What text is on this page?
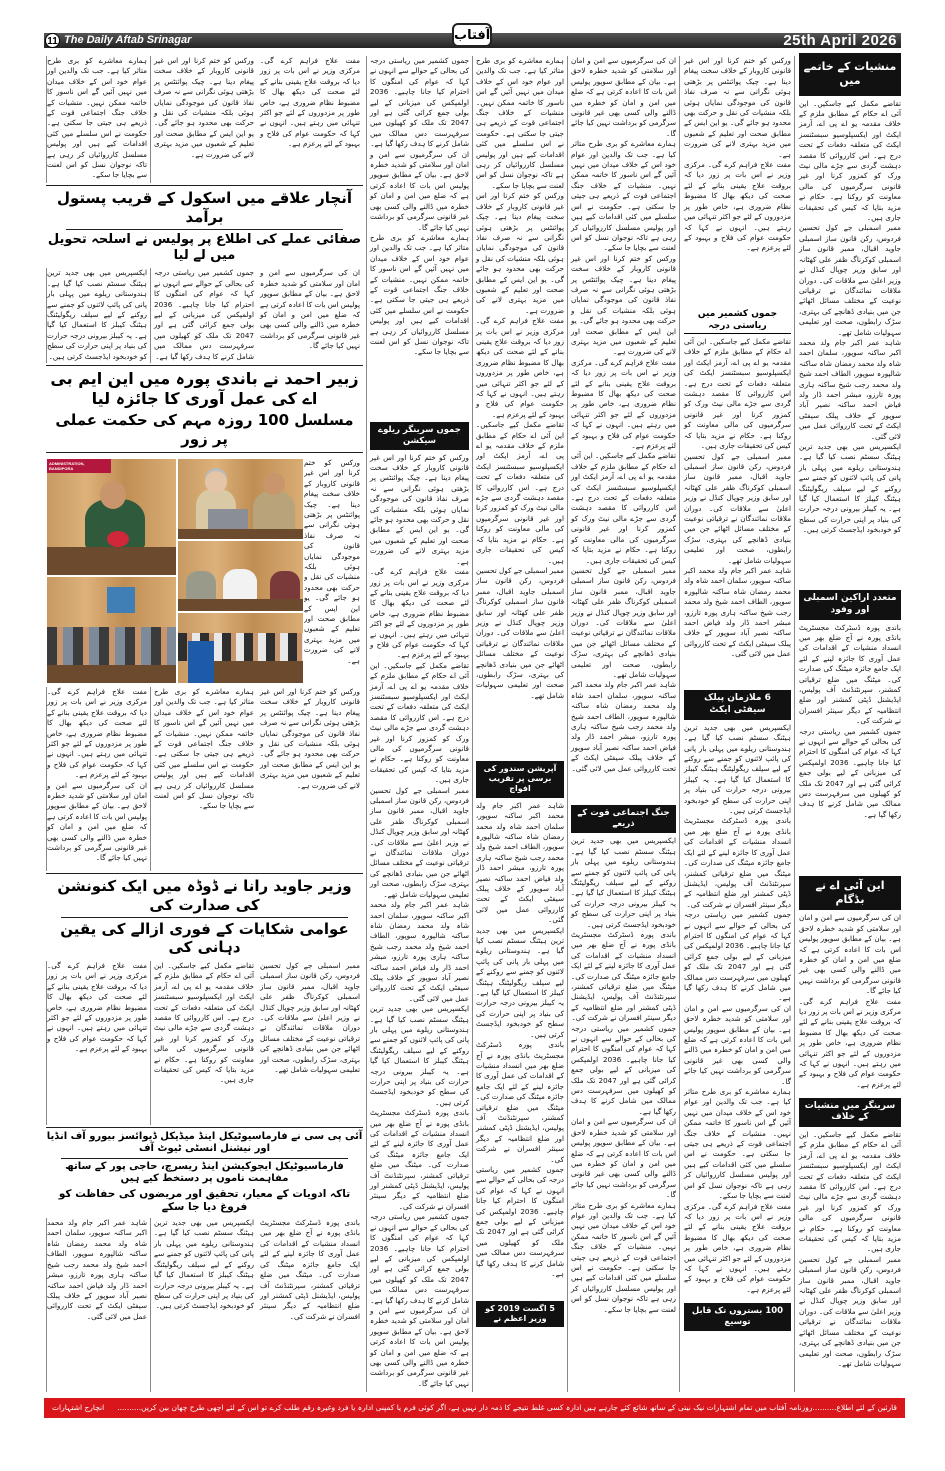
11 The Daily Aftab Srinagar	آفتاب	25th April 2026

ہمارے معاشرے کو بری طرح متاثر کیا ہے۔ جب تک والدین اور عوام خود اس کے خلاف میدان میں نہیں آئیں گے اس ناسور کا خاتمہ ممکن نہیں۔ منشیات کے خلاف جنگ اجتماعی قوت کے ذریعے ہی جیتی جا سکتی ہے۔ حکومت نے اس سلسلے میں کئی اقدامات کیے ہیں اور پولیس مسلسل کارروائیاں کر رہی ہے تاکہ نوجوان نسل کو اس لعنت سے بچایا جا سکے۔

ورکس کو ختم کرنا اور اس غیر قانونی کاروبار کے خلاف سخت پیغام دینا ہے۔ چیک پوائنٹس پر بڑھتی ہوئی نگرانی سے نہ صرف نفاذ قانون کی موجودگی نمایاں ہوئی بلکہ منشیات کی نقل و حرکت بھی محدود ہو جائے گی۔ یو این ایس کے مطابق صحت اور تعلیم کے شعبوں میں مزید بہتری لانے کی ضرورت ہے۔

مفت علاج فراہم کرے گی۔ مرکزی وزیر نے اس بات پر زور دیا کہ بروقت علاج یقینی بنانے کے لئے صحت کی دیکھ بھال کا مضبوط نظام ضروری ہے، خاص طور پر مزدوروں کے لئے جو اکثر تنہائی میں رہتے ہیں۔ انہوں نے کہا کہ حکومت عوام کی فلاح و بہبود کے لئے پرعزم ہے۔

آنچار علاقے میں اسکول کے قریب پستول برآمد
صفائی عملے کی اطلاع پر پولیس نے اسلحہ تحویل میں لے لیا

ایکسپریس میں بھی جدید ترین ہیٹنگ سسٹم نصب کیا گیا ہے۔ ہندوستانی ریلوے میں پہلی بار پانی کی پائپ لائنوں کو جمنے سے روکنے کے لیے سیلف ریگولیٹنگ ہیٹنگ کیبلز کا استعمال کیا گیا ہے۔ یہ کیبلز بیرونی درجہ حرارت کی بنیاد پر اپنی حرارت کی سطح کو خودبخود ایڈجسٹ کرتی ہیں۔

جموں کشمیر میں ریاستی درجہ کی بحالی کے حوالے سے انہوں نے کہا کہ عوام کی امنگوں کا احترام کیا جانا چاہیے۔ 2036 اولمپکس کی میزبانی کے لیے بولی جمع کرائی گئی ہے اور 2047 تک ملک کو کھیلوں میں سرفہرست دس ممالک میں شامل کرنے کا ہدف رکھا گیا ہے۔

ان کی سرگرمیوں سے امن و امان اور سلامتی کو شدید خطرہ لاحق ہے۔ بیان کے مطابق سوپور پولیس اس بات کا اعادہ کرتی ہے کہ ضلع میں امن و امان کو خطرہ میں ڈالنے والی کسی بھی غیر قانونی سرگرمی کو برداشت نہیں کیا جائے گا۔

زبیر احمد نے باندی پورہ میں این ایم بی اے کی عمل آوری کا جائزہ لیا
مسلسل 100 روزہ مہم کی حکمت عملی پر زور
ADMINISTRATION, BANDIPORA

ورکس کو ختم کرنا اور اس غیر قانونی کاروبار کے خلاف سخت پیغام دینا ہے۔ چیک پوائنٹس پر بڑھتی ہوئی نگرانی سے نہ صرف نفاذ قانون کی موجودگی نمایاں ہوئی بلکہ منشیات کی نقل و حرکت بھی محدود ہو جائے گی۔ یو این ایس کے مطابق صحت اور تعلیم کے شعبوں میں مزید بہتری لانے کی ضرورت ہے۔

مفت علاج فراہم کرے گی۔ مرکزی وزیر نے اس بات پر زور دیا کہ بروقت علاج یقینی بنانے کے لئے صحت کی دیکھ بھال کا مضبوط نظام ضروری ہے، خاص طور پر مزدوروں کے لئے جو اکثر تنہائی میں رہتے ہیں۔ انہوں نے کہا کہ حکومت عوام کی فلاح و بہبود کے لئے پرعزم ہے۔

ان کی سرگرمیوں سے امن و امان اور سلامتی کو شدید خطرہ لاحق ہے۔ بیان کے مطابق سوپور پولیس اس بات کا اعادہ کرتی ہے کہ ضلع میں امن و امان کو خطرہ میں ڈالنے والی کسی بھی غیر قانونی سرگرمی کو برداشت نہیں کیا جائے گا۔

ہمارے معاشرے کو بری طرح متاثر کیا ہے۔ جب تک والدین اور عوام خود اس کے خلاف میدان میں نہیں آئیں گے اس ناسور کا خاتمہ ممکن نہیں۔ منشیات کے خلاف جنگ اجتماعی قوت کے ذریعے ہی جیتی جا سکتی ہے۔ حکومت نے اس سلسلے میں کئی اقدامات کیے ہیں اور پولیس مسلسل کارروائیاں کر رہی ہے تاکہ نوجوان نسل کو اس لعنت سے بچایا جا سکے۔

ورکس کو ختم کرنا اور اس غیر قانونی کاروبار کے خلاف سخت پیغام دینا ہے۔ چیک پوائنٹس پر بڑھتی ہوئی نگرانی سے نہ صرف نفاذ قانون کی موجودگی نمایاں ہوئی بلکہ منشیات کی نقل و حرکت بھی محدود ہو جائے گی۔ یو این ایس کے مطابق صحت اور تعلیم کے شعبوں میں مزید بہتری لانے کی ضرورت ہے۔

وزیر جاوید رانا نے ڈوڈہ میں ایک کنونشن کی صدارت کی
عوامی شکایات کے فوری ازالے کی یقین دہانی کی

مفت علاج فراہم کرے گی۔ مرکزی وزیر نے اس بات پر زور دیا کہ بروقت علاج یقینی بنانے کے لئے صحت کی دیکھ بھال کا مضبوط نظام ضروری ہے، خاص طور پر مزدوروں کے لئے جو اکثر تنہائی میں رہتے ہیں۔ انہوں نے کہا کہ حکومت عوام کی فلاح و بہبود کے لئے پرعزم ہے۔

تقاضے مکمل کیے جاسکیں۔ این آئی اے حکام کے مطابق ملزم کے خلاف مقدمہ یو اے پی اے، آرمز ایکٹ اور ایکسپلوسیو سبسٹنسز ایکٹ کی متعلقہ دفعات کے تحت درج ہے۔ اس کارروائی کا مقصد دہشت گردی سے جڑے مالی نیٹ ورک کو کمزور کرنا اور غیر قانونی سرگرمیوں کی مالی معاونت کو روکنا ہے۔ حکام نے مزید بتایا کہ کیس کی تحقیقات جاری ہیں۔

ممبر اسمبلی جے کول تحسین فردوس، رکن قانون ساز اسمبلی جاوید اقبال، ممبر قانون ساز اسمبلی کوکرناگ ظفر علی کھٹانہ اور سابق وزیر چوپال کنڈل نے وزیر اعلیٰ سے ملاقات کی۔ دوران ملاقات نمائندگان نے ترقیاتی نوعیت کے مختلف مسائل اٹھائے جن میں بنیادی ڈھانچے کی بہتری، سڑک رابطوں، صحت اور تعلیمی سہولیات شامل تھے۔

آئی پی سی نے فارماسیوٹیکل اینڈ میڈیکل ڈیوائسز بیورو آف انڈیا اور نیشنل انسٹی ٹیوٹ آف
فارماسیوٹیکل ایجوکیشن اینڈ ریسرچ، حاجی پور کے ساتھ مفاہمت ناموں پر دستخط کیے ہیں
تاکہ ادویات کے معیار، تحقیق اور مریضوں کی حفاظت کو فروغ دیا جا سکے

شاہد عمر اکبر جام ولد محمد اکبر ساکنہ سوپور، سلمان احمد شاہ ولد محمد رمضان شاہ ساکنہ شالپورہ سوپور، الطاف احمد شیخ ولد محمد رجب شیخ ساکنہ ہاری پورہ تارزو، مبشر احمد ڈار ولد فیاض احمد ساکنہ نصیر آباد سوپور کے خلاف پبلک سیفٹی ایکٹ کے تحت کارروائی عمل میں لائی گئی۔

ایکسپریس میں بھی جدید ترین ہیٹنگ سسٹم نصب کیا گیا ہے۔ ہندوستانی ریلوے میں پہلی بار پانی کی پائپ لائنوں کو جمنے سے روکنے کے لیے سیلف ریگولیٹنگ ہیٹنگ کیبلز کا استعمال کیا گیا ہے۔ یہ کیبلز بیرونی درجہ حرارت کی بنیاد پر اپنی حرارت کی سطح کو خودبخود ایڈجسٹ کرتی ہیں۔

باندی پورہ ڈسٹرکٹ مجسٹریٹ بانڈی پورہ نے آج ضلع بھر میں انسداد منشیات کے اقدامات کی عمل آوری کا جائزہ لینے کے لئے ایک جامع جائزہ میٹنگ کی صدارت کی۔ میٹنگ میں ضلع ترقیاتی کمشنر، سپرنٹنڈنٹ آف پولیس، ایڈیشنل ڈپٹی کمشنر اور ضلع انتظامیہ کے دیگر سینئر افسران نے شرکت کی۔

جموں کشمیر میں ریاستی درجہ کی بحالی کے حوالے سے انہوں نے کہا کہ عوام کی امنگوں کا احترام کیا جانا چاہیے۔ 2036 اولمپکس کی میزبانی کے لیے بولی جمع کرائی گئی ہے اور 2047 تک ملک کو کھیلوں میں سرفہرست دس ممالک میں شامل کرنے کا ہدف رکھا گیا ہے۔

ان کی سرگرمیوں سے امن و امان اور سلامتی کو شدید خطرہ لاحق ہے۔ بیان کے مطابق سوپور پولیس اس بات کا اعادہ کرتی ہے کہ ضلع میں امن و امان کو خطرہ میں ڈالنے والی کسی بھی غیر قانونی سرگرمی کو برداشت نہیں کیا جائے گا۔

ہمارے معاشرے کو بری طرح متاثر کیا ہے۔ جب تک والدین اور عوام خود اس کے خلاف میدان میں نہیں آئیں گے اس ناسور کا خاتمہ ممکن نہیں۔ منشیات کے خلاف جنگ اجتماعی قوت کے ذریعے ہی جیتی جا سکتی ہے۔ حکومت نے اس سلسلے میں کئی اقدامات کیے ہیں اور پولیس مسلسل کارروائیاں کر رہی ہے تاکہ نوجوان نسل کو اس لعنت سے بچایا جا سکے۔

جموں سرینگر ریلوے سیکشن

ورکس کو ختم کرنا اور اس غیر قانونی کاروبار کے خلاف سخت پیغام دینا ہے۔ چیک پوائنٹس پر بڑھتی ہوئی نگرانی سے نہ صرف نفاذ قانون کی موجودگی نمایاں ہوئی بلکہ منشیات کی نقل و حرکت بھی محدود ہو جائے گی۔ یو این ایس کے مطابق صحت اور تعلیم کے شعبوں میں مزید بہتری لانے کی ضرورت ہے۔

مفت علاج فراہم کرے گی۔ مرکزی وزیر نے اس بات پر زور دیا کہ بروقت علاج یقینی بنانے کے لئے صحت کی دیکھ بھال کا مضبوط نظام ضروری ہے، خاص طور پر مزدوروں کے لئے جو اکثر تنہائی میں رہتے ہیں۔ انہوں نے کہا کہ حکومت عوام کی فلاح و بہبود کے لئے پرعزم ہے۔

تقاضے مکمل کیے جاسکیں۔ این آئی اے حکام کے مطابق ملزم کے خلاف مقدمہ یو اے پی اے، آرمز ایکٹ اور ایکسپلوسیو سبسٹنسز ایکٹ کی متعلقہ دفعات کے تحت درج ہے۔ اس کارروائی کا مقصد دہشت گردی سے جڑے مالی نیٹ ورک کو کمزور کرنا اور غیر قانونی سرگرمیوں کی مالی معاونت کو روکنا ہے۔ حکام نے مزید بتایا کہ کیس کی تحقیقات جاری ہیں۔

ممبر اسمبلی جے کول تحسین فردوس، رکن قانون ساز اسمبلی جاوید اقبال، ممبر قانون ساز اسمبلی کوکرناگ ظفر علی کھٹانہ اور سابق وزیر چوپال کنڈل نے وزیر اعلیٰ سے ملاقات کی۔ دوران ملاقات نمائندگان نے ترقیاتی نوعیت کے مختلف مسائل اٹھائے جن میں بنیادی ڈھانچے کی بہتری، سڑک رابطوں، صحت اور تعلیمی سہولیات شامل تھے۔

شاہد عمر اکبر جام ولد محمد اکبر ساکنہ سوپور، سلمان احمد شاہ ولد محمد رمضان شاہ ساکنہ شالپورہ سوپور، الطاف احمد شیخ ولد محمد رجب شیخ ساکنہ ہاری پورہ تارزو، مبشر احمد ڈار ولد فیاض احمد ساکنہ نصیر آباد سوپور کے خلاف پبلک سیفٹی ایکٹ کے تحت کارروائی عمل میں لائی گئی۔

ایکسپریس میں بھی جدید ترین ہیٹنگ سسٹم نصب کیا گیا ہے۔ ہندوستانی ریلوے میں پہلی بار پانی کی پائپ لائنوں کو جمنے سے روکنے کے لیے سیلف ریگولیٹنگ ہیٹنگ کیبلز کا استعمال کیا گیا ہے۔ یہ کیبلز بیرونی درجہ حرارت کی بنیاد پر اپنی حرارت کی سطح کو خودبخود ایڈجسٹ کرتی ہیں۔

باندی پورہ ڈسٹرکٹ مجسٹریٹ بانڈی پورہ نے آج ضلع بھر میں انسداد منشیات کے اقدامات کی عمل آوری کا جائزہ لینے کے لئے ایک جامع جائزہ میٹنگ کی صدارت کی۔ میٹنگ میں ضلع ترقیاتی کمشنر، سپرنٹنڈنٹ آف پولیس، ایڈیشنل ڈپٹی کمشنر اور ضلع انتظامیہ کے دیگر سینئر افسران نے شرکت کی۔

جموں کشمیر میں ریاستی درجہ کی بحالی کے حوالے سے انہوں نے کہا کہ عوام کی امنگوں کا احترام کیا جانا چاہیے۔ 2036 اولمپکس کی میزبانی کے لیے بولی جمع کرائی گئی ہے اور 2047 تک ملک کو کھیلوں میں سرفہرست دس ممالک میں شامل کرنے کا ہدف رکھا گیا ہے۔

ان کی سرگرمیوں سے امن و امان اور سلامتی کو شدید خطرہ لاحق ہے۔ بیان کے مطابق سوپور پولیس اس بات کا اعادہ کرتی ہے کہ ضلع میں امن و امان کو خطرہ میں ڈالنے والی کسی بھی غیر قانونی سرگرمی کو برداشت نہیں کیا جائے گا۔

ہمارے معاشرے کو بری طرح متاثر کیا ہے۔ جب تک والدین اور عوام خود اس کے خلاف میدان میں نہیں آئیں گے اس ناسور کا خاتمہ ممکن نہیں۔ منشیات کے خلاف جنگ اجتماعی قوت کے ذریعے ہی جیتی جا سکتی ہے۔ حکومت نے اس سلسلے میں کئی اقدامات کیے ہیں اور پولیس مسلسل کارروائیاں کر رہی ہے تاکہ نوجوان نسل کو اس لعنت سے بچایا جا سکے۔

ورکس کو ختم کرنا اور اس غیر قانونی کاروبار کے خلاف سخت پیغام دینا ہے۔ چیک پوائنٹس پر بڑھتی ہوئی نگرانی سے نہ صرف نفاذ قانون کی موجودگی نمایاں ہوئی بلکہ منشیات کی نقل و حرکت بھی محدود ہو جائے گی۔ یو این ایس کے مطابق صحت اور تعلیم کے شعبوں میں مزید بہتری لانے کی ضرورت ہے۔

مفت علاج فراہم کرے گی۔ مرکزی وزیر نے اس بات پر زور دیا کہ بروقت علاج یقینی بنانے کے لئے صحت کی دیکھ بھال کا مضبوط نظام ضروری ہے، خاص طور پر مزدوروں کے لئے جو اکثر تنہائی میں رہتے ہیں۔ انہوں نے کہا کہ حکومت عوام کی فلاح و بہبود کے لئے پرعزم ہے۔

تقاضے مکمل کیے جاسکیں۔ این آئی اے حکام کے مطابق ملزم کے خلاف مقدمہ یو اے پی اے، آرمز ایکٹ اور ایکسپلوسیو سبسٹنسز ایکٹ کی متعلقہ دفعات کے تحت درج ہے۔ اس کارروائی کا مقصد دہشت گردی سے جڑے مالی نیٹ ورک کو کمزور کرنا اور غیر قانونی سرگرمیوں کی مالی معاونت کو روکنا ہے۔ حکام نے مزید بتایا کہ کیس کی تحقیقات جاری ہیں۔

ممبر اسمبلی جے کول تحسین فردوس، رکن قانون ساز اسمبلی جاوید اقبال، ممبر قانون ساز اسمبلی کوکرناگ ظفر علی کھٹانہ اور سابق وزیر چوپال کنڈل نے وزیر اعلیٰ سے ملاقات کی۔ دوران ملاقات نمائندگان نے ترقیاتی نوعیت کے مختلف مسائل اٹھائے جن میں بنیادی ڈھانچے کی بہتری، سڑک رابطوں، صحت اور تعلیمی سہولیات شامل تھے۔

آپریشن سندور کی برسی پر تقریب افواج

شاہد عمر اکبر جام ولد محمد اکبر ساکنہ سوپور، سلمان احمد شاہ ولد محمد رمضان شاہ ساکنہ شالپورہ سوپور، الطاف احمد شیخ ولد محمد رجب شیخ ساکنہ ہاری پورہ تارزو، مبشر احمد ڈار ولد فیاض احمد ساکنہ نصیر آباد سوپور کے خلاف پبلک سیفٹی ایکٹ کے تحت کارروائی عمل میں لائی گئی۔

ایکسپریس میں بھی جدید ترین ہیٹنگ سسٹم نصب کیا گیا ہے۔ ہندوستانی ریلوے میں پہلی بار پانی کی پائپ لائنوں کو جمنے سے روکنے کے لیے سیلف ریگولیٹنگ ہیٹنگ کیبلز کا استعمال کیا گیا ہے۔ یہ کیبلز بیرونی درجہ حرارت کی بنیاد پر اپنی حرارت کی سطح کو خودبخود ایڈجسٹ کرتی ہیں۔

باندی پورہ ڈسٹرکٹ مجسٹریٹ بانڈی پورہ نے آج ضلع بھر میں انسداد منشیات کے اقدامات کی عمل آوری کا جائزہ لینے کے لئے ایک جامع جائزہ میٹنگ کی صدارت کی۔ میٹنگ میں ضلع ترقیاتی کمشنر، سپرنٹنڈنٹ آف پولیس، ایڈیشنل ڈپٹی کمشنر اور ضلع انتظامیہ کے دیگر سینئر افسران نے شرکت کی۔

جموں کشمیر میں ریاستی درجہ کی بحالی کے حوالے سے انہوں نے کہا کہ عوام کی امنگوں کا احترام کیا جانا چاہیے۔ 2036 اولمپکس کی میزبانی کے لیے بولی جمع کرائی گئی ہے اور 2047 تک ملک کو کھیلوں میں سرفہرست دس ممالک میں شامل کرنے کا ہدف رکھا گیا ہے۔

5 اگست 2019 کو وزیر اعظم نے

ان کی سرگرمیوں سے امن و امان اور سلامتی کو شدید خطرہ لاحق ہے۔ بیان کے مطابق سوپور پولیس اس بات کا اعادہ کرتی ہے کہ ضلع میں امن و امان کو خطرہ میں ڈالنے والی کسی بھی غیر قانونی سرگرمی کو برداشت نہیں کیا جائے گا۔

ہمارے معاشرے کو بری طرح متاثر کیا ہے۔ جب تک والدین اور عوام خود اس کے خلاف میدان میں نہیں آئیں گے اس ناسور کا خاتمہ ممکن نہیں۔ منشیات کے خلاف جنگ اجتماعی قوت کے ذریعے ہی جیتی جا سکتی ہے۔ حکومت نے اس سلسلے میں کئی اقدامات کیے ہیں اور پولیس مسلسل کارروائیاں کر رہی ہے تاکہ نوجوان نسل کو اس لعنت سے بچایا جا سکے۔

ورکس کو ختم کرنا اور اس غیر قانونی کاروبار کے خلاف سخت پیغام دینا ہے۔ چیک پوائنٹس پر بڑھتی ہوئی نگرانی سے نہ صرف نفاذ قانون کی موجودگی نمایاں ہوئی بلکہ منشیات کی نقل و حرکت بھی محدود ہو جائے گی۔ یو این ایس کے مطابق صحت اور تعلیم کے شعبوں میں مزید بہتری لانے کی ضرورت ہے۔

مفت علاج فراہم کرے گی۔ مرکزی وزیر نے اس بات پر زور دیا کہ بروقت علاج یقینی بنانے کے لئے صحت کی دیکھ بھال کا مضبوط نظام ضروری ہے، خاص طور پر مزدوروں کے لئے جو اکثر تنہائی میں رہتے ہیں۔ انہوں نے کہا کہ حکومت عوام کی فلاح و بہبود کے لئے پرعزم ہے۔

تقاضے مکمل کیے جاسکیں۔ این آئی اے حکام کے مطابق ملزم کے خلاف مقدمہ یو اے پی اے، آرمز ایکٹ اور ایکسپلوسیو سبسٹنسز ایکٹ کی متعلقہ دفعات کے تحت درج ہے۔ اس کارروائی کا مقصد دہشت گردی سے جڑے مالی نیٹ ورک کو کمزور کرنا اور غیر قانونی سرگرمیوں کی مالی معاونت کو روکنا ہے۔ حکام نے مزید بتایا کہ کیس کی تحقیقات جاری ہیں۔

ممبر اسمبلی جے کول تحسین فردوس، رکن قانون ساز اسمبلی جاوید اقبال، ممبر قانون ساز اسمبلی کوکرناگ ظفر علی کھٹانہ اور سابق وزیر چوپال کنڈل نے وزیر اعلیٰ سے ملاقات کی۔ دوران ملاقات نمائندگان نے ترقیاتی نوعیت کے مختلف مسائل اٹھائے جن میں بنیادی ڈھانچے کی بہتری، سڑک رابطوں، صحت اور تعلیمی سہولیات شامل تھے۔

شاہد عمر اکبر جام ولد محمد اکبر ساکنہ سوپور، سلمان احمد شاہ ولد محمد رمضان شاہ ساکنہ شالپورہ سوپور، الطاف احمد شیخ ولد محمد رجب شیخ ساکنہ ہاری پورہ تارزو، مبشر احمد ڈار ولد فیاض احمد ساکنہ نصیر آباد سوپور کے خلاف پبلک سیفٹی ایکٹ کے تحت کارروائی عمل میں لائی گئی۔

جنگ اجتماعی قوت کے ذریعے

ایکسپریس میں بھی جدید ترین ہیٹنگ سسٹم نصب کیا گیا ہے۔ ہندوستانی ریلوے میں پہلی بار پانی کی پائپ لائنوں کو جمنے سے روکنے کے لیے سیلف ریگولیٹنگ ہیٹنگ کیبلز کا استعمال کیا گیا ہے۔ یہ کیبلز بیرونی درجہ حرارت کی بنیاد پر اپنی حرارت کی سطح کو خودبخود ایڈجسٹ کرتی ہیں۔

باندی پورہ ڈسٹرکٹ مجسٹریٹ بانڈی پورہ نے آج ضلع بھر میں انسداد منشیات کے اقدامات کی عمل آوری کا جائزہ لینے کے لئے ایک جامع جائزہ میٹنگ کی صدارت کی۔ میٹنگ میں ضلع ترقیاتی کمشنر، سپرنٹنڈنٹ آف پولیس، ایڈیشنل ڈپٹی کمشنر اور ضلع انتظامیہ کے دیگر سینئر افسران نے شرکت کی۔

جموں کشمیر میں ریاستی درجہ کی بحالی کے حوالے سے انہوں نے کہا کہ عوام کی امنگوں کا احترام کیا جانا چاہیے۔ 2036 اولمپکس کی میزبانی کے لیے بولی جمع کرائی گئی ہے اور 2047 تک ملک کو کھیلوں میں سرفہرست دس ممالک میں شامل کرنے کا ہدف رکھا گیا ہے۔

ان کی سرگرمیوں سے امن و امان اور سلامتی کو شدید خطرہ لاحق ہے۔ بیان کے مطابق سوپور پولیس اس بات کا اعادہ کرتی ہے کہ ضلع میں امن و امان کو خطرہ میں ڈالنے والی کسی بھی غیر قانونی سرگرمی کو برداشت نہیں کیا جائے گا۔

ہمارے معاشرے کو بری طرح متاثر کیا ہے۔ جب تک والدین اور عوام خود اس کے خلاف میدان میں نہیں آئیں گے اس ناسور کا خاتمہ ممکن نہیں۔ منشیات کے خلاف جنگ اجتماعی قوت کے ذریعے ہی جیتی جا سکتی ہے۔ حکومت نے اس سلسلے میں کئی اقدامات کیے ہیں اور پولیس مسلسل کارروائیاں کر رہی ہے تاکہ نوجوان نسل کو اس لعنت سے بچایا جا سکے۔

ورکس کو ختم کرنا اور اس غیر قانونی کاروبار کے خلاف سخت پیغام دینا ہے۔ چیک پوائنٹس پر بڑھتی ہوئی نگرانی سے نہ صرف نفاذ قانون کی موجودگی نمایاں ہوئی بلکہ منشیات کی نقل و حرکت بھی محدود ہو جائے گی۔ یو این ایس کے مطابق صحت اور تعلیم کے شعبوں میں مزید بہتری لانے کی ضرورت ہے۔

مفت علاج فراہم کرے گی۔ مرکزی وزیر نے اس بات پر زور دیا کہ بروقت علاج یقینی بنانے کے لئے صحت کی دیکھ بھال کا مضبوط نظام ضروری ہے، خاص طور پر مزدوروں کے لئے جو اکثر تنہائی میں رہتے ہیں۔ انہوں نے کہا کہ حکومت عوام کی فلاح و بہبود کے لئے پرعزم ہے۔

جموں کشمیر میں ریاستی درجہ

تقاضے مکمل کیے جاسکیں۔ این آئی اے حکام کے مطابق ملزم کے خلاف مقدمہ یو اے پی اے، آرمز ایکٹ اور ایکسپلوسیو سبسٹنسز ایکٹ کی متعلقہ دفعات کے تحت درج ہے۔ اس کارروائی کا مقصد دہشت گردی سے جڑے مالی نیٹ ورک کو کمزور کرنا اور غیر قانونی سرگرمیوں کی مالی معاونت کو روکنا ہے۔ حکام نے مزید بتایا کہ کیس کی تحقیقات جاری ہیں۔

ممبر اسمبلی جے کول تحسین فردوس، رکن قانون ساز اسمبلی جاوید اقبال، ممبر قانون ساز اسمبلی کوکرناگ ظفر علی کھٹانہ اور سابق وزیر چوپال کنڈل نے وزیر اعلیٰ سے ملاقات کی۔ دوران ملاقات نمائندگان نے ترقیاتی نوعیت کے مختلف مسائل اٹھائے جن میں بنیادی ڈھانچے کی بہتری، سڑک رابطوں، صحت اور تعلیمی سہولیات شامل تھے۔

شاہد عمر اکبر جام ولد محمد اکبر ساکنہ سوپور، سلمان احمد شاہ ولد محمد رمضان شاہ ساکنہ شالپورہ سوپور، الطاف احمد شیخ ولد محمد رجب شیخ ساکنہ ہاری پورہ تارزو، مبشر احمد ڈار ولد فیاض احمد ساکنہ نصیر آباد سوپور کے خلاف پبلک سیفٹی ایکٹ کے تحت کارروائی عمل میں لائی گئی۔

6 ملازمان پبلک سیفٹی ایکٹ

ایکسپریس میں بھی جدید ترین ہیٹنگ سسٹم نصب کیا گیا ہے۔ ہندوستانی ریلوے میں پہلی بار پانی کی پائپ لائنوں کو جمنے سے روکنے کے لیے سیلف ریگولیٹنگ ہیٹنگ کیبلز کا استعمال کیا گیا ہے۔ یہ کیبلز بیرونی درجہ حرارت کی بنیاد پر اپنی حرارت کی سطح کو خودبخود ایڈجسٹ کرتی ہیں۔

باندی پورہ ڈسٹرکٹ مجسٹریٹ بانڈی پورہ نے آج ضلع بھر میں انسداد منشیات کے اقدامات کی عمل آوری کا جائزہ لینے کے لئے ایک جامع جائزہ میٹنگ کی صدارت کی۔ میٹنگ میں ضلع ترقیاتی کمشنر، سپرنٹنڈنٹ آف پولیس، ایڈیشنل ڈپٹی کمشنر اور ضلع انتظامیہ کے دیگر سینئر افسران نے شرکت کی۔

جموں کشمیر میں ریاستی درجہ کی بحالی کے حوالے سے انہوں نے کہا کہ عوام کی امنگوں کا احترام کیا جانا چاہیے۔ 2036 اولمپکس کی میزبانی کے لیے بولی جمع کرائی گئی ہے اور 2047 تک ملک کو کھیلوں میں سرفہرست دس ممالک میں شامل کرنے کا ہدف رکھا گیا ہے۔

ان کی سرگرمیوں سے امن و امان اور سلامتی کو شدید خطرہ لاحق ہے۔ بیان کے مطابق سوپور پولیس اس بات کا اعادہ کرتی ہے کہ ضلع میں امن و امان کو خطرہ میں ڈالنے والی کسی بھی غیر قانونی سرگرمی کو برداشت نہیں کیا جائے گا۔

ہمارے معاشرے کو بری طرح متاثر کیا ہے۔ جب تک والدین اور عوام خود اس کے خلاف میدان میں نہیں آئیں گے اس ناسور کا خاتمہ ممکن نہیں۔ منشیات کے خلاف جنگ اجتماعی قوت کے ذریعے ہی جیتی جا سکتی ہے۔ حکومت نے اس سلسلے میں کئی اقدامات کیے ہیں اور پولیس مسلسل کارروائیاں کر رہی ہے تاکہ نوجوان نسل کو اس لعنت سے بچایا جا سکے۔

مفت علاج فراہم کرے گی۔ مرکزی وزیر نے اس بات پر زور دیا کہ بروقت علاج یقینی بنانے کے لئے صحت کی دیکھ بھال کا مضبوط نظام ضروری ہے، خاص طور پر مزدوروں کے لئے جو اکثر تنہائی میں رہتے ہیں۔ انہوں نے کہا کہ حکومت عوام کی فلاح و بہبود کے لئے پرعزم ہے۔

100 بستروں تک قابل توسیع
منشیات کے خاتمے میں

تقاضے مکمل کیے جاسکیں۔ این آئی اے حکام کے مطابق ملزم کے خلاف مقدمہ یو اے پی اے، آرمز ایکٹ اور ایکسپلوسیو سبسٹنسز ایکٹ کی متعلقہ دفعات کے تحت درج ہے۔ اس کارروائی کا مقصد دہشت گردی سے جڑے مالی نیٹ ورک کو کمزور کرنا اور غیر قانونی سرگرمیوں کی مالی معاونت کو روکنا ہے۔ حکام نے مزید بتایا کہ کیس کی تحقیقات جاری ہیں۔

ممبر اسمبلی جے کول تحسین فردوس، رکن قانون ساز اسمبلی جاوید اقبال، ممبر قانون ساز اسمبلی کوکرناگ ظفر علی کھٹانہ اور سابق وزیر چوپال کنڈل نے وزیر اعلیٰ سے ملاقات کی۔ دوران ملاقات نمائندگان نے ترقیاتی نوعیت کے مختلف مسائل اٹھائے جن میں بنیادی ڈھانچے کی بہتری، سڑک رابطوں، صحت اور تعلیمی سہولیات شامل تھے۔

شاہد عمر اکبر جام ولد محمد اکبر ساکنہ سوپور، سلمان احمد شاہ ولد محمد رمضان شاہ ساکنہ شالپورہ سوپور، الطاف احمد شیخ ولد محمد رجب شیخ ساکنہ ہاری پورہ تارزو، مبشر احمد ڈار ولد فیاض احمد ساکنہ نصیر آباد سوپور کے خلاف پبلک سیفٹی ایکٹ کے تحت کارروائی عمل میں لائی گئی۔

ایکسپریس میں بھی جدید ترین ہیٹنگ سسٹم نصب کیا گیا ہے۔ ہندوستانی ریلوے میں پہلی بار پانی کی پائپ لائنوں کو جمنے سے روکنے کے لیے سیلف ریگولیٹنگ ہیٹنگ کیبلز کا استعمال کیا گیا ہے۔ یہ کیبلز بیرونی درجہ حرارت کی بنیاد پر اپنی حرارت کی سطح کو خودبخود ایڈجسٹ کرتی ہیں۔

متعدد اراکین اسمبلی اور وفود

باندی پورہ ڈسٹرکٹ مجسٹریٹ بانڈی پورہ نے آج ضلع بھر میں انسداد منشیات کے اقدامات کی عمل آوری کا جائزہ لینے کے لئے ایک جامع جائزہ میٹنگ کی صدارت کی۔ میٹنگ میں ضلع ترقیاتی کمشنر، سپرنٹنڈنٹ آف پولیس، ایڈیشنل ڈپٹی کمشنر اور ضلع انتظامیہ کے دیگر سینئر افسران نے شرکت کی۔

جموں کشمیر میں ریاستی درجہ کی بحالی کے حوالے سے انہوں نے کہا کہ عوام کی امنگوں کا احترام کیا جانا چاہیے۔ 2036 اولمپکس کی میزبانی کے لیے بولی جمع کرائی گئی ہے اور 2047 تک ملک کو کھیلوں میں سرفہرست دس ممالک میں شامل کرنے کا ہدف رکھا گیا ہے۔

این آئی اے نے بڈگام

ان کی سرگرمیوں سے امن و امان اور سلامتی کو شدید خطرہ لاحق ہے۔ بیان کے مطابق سوپور پولیس اس بات کا اعادہ کرتی ہے کہ ضلع میں امن و امان کو خطرہ میں ڈالنے والی کسی بھی غیر قانونی سرگرمی کو برداشت نہیں کیا جائے گا۔

مفت علاج فراہم کرے گی۔ مرکزی وزیر نے اس بات پر زور دیا کہ بروقت علاج یقینی بنانے کے لئے صحت کی دیکھ بھال کا مضبوط نظام ضروری ہے، خاص طور پر مزدوروں کے لئے جو اکثر تنہائی میں رہتے ہیں۔ انہوں نے کہا کہ حکومت عوام کی فلاح و بہبود کے لئے پرعزم ہے۔

سرینگر میں منشیات کے خلاف

تقاضے مکمل کیے جاسکیں۔ این آئی اے حکام کے مطابق ملزم کے خلاف مقدمہ یو اے پی اے، آرمز ایکٹ اور ایکسپلوسیو سبسٹنسز ایکٹ کی متعلقہ دفعات کے تحت درج ہے۔ اس کارروائی کا مقصد دہشت گردی سے جڑے مالی نیٹ ورک کو کمزور کرنا اور غیر قانونی سرگرمیوں کی مالی معاونت کو روکنا ہے۔ حکام نے مزید بتایا کہ کیس کی تحقیقات جاری ہیں۔

ممبر اسمبلی جے کول تحسین فردوس، رکن قانون ساز اسمبلی جاوید اقبال، ممبر قانون ساز اسمبلی کوکرناگ ظفر علی کھٹانہ اور سابق وزیر چوپال کنڈل نے وزیر اعلیٰ سے ملاقات کی۔ دوران ملاقات نمائندگان نے ترقیاتی نوعیت کے مختلف مسائل اٹھائے جن میں بنیادی ڈھانچے کی بہتری، سڑک رابطوں، صحت اور تعلیمی سہولیات شامل تھے۔

قارئین کے لئے اطلاع..........روزنامہ آفتاب میں تمام اشتہارات نیک نیتی کے ساتھ شائع کئے جارہے ہیں ادارہ کسی غلط نتیجے کا ذمہ دار نہیں ہے، اگر کوئی فرم یا کمپنی ادارہ یا فرد وغیرہ رقم طلب کرے تو اس کے لئے اچھی طرح چھان بین کریں..........
انچارج اشتہارات
